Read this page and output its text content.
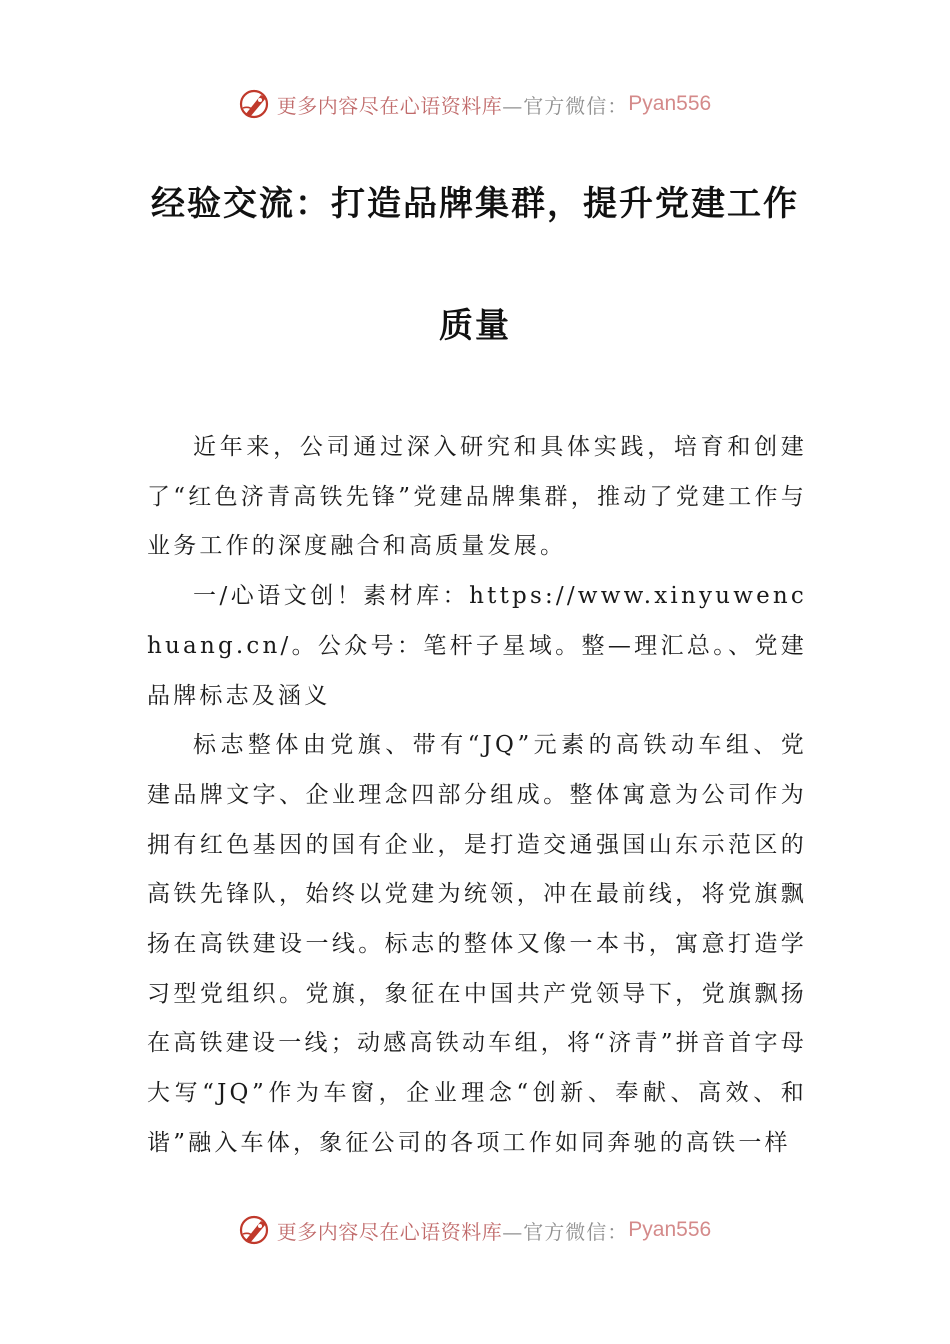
更多内容尽在心语资料库 —官方微信： Pyan556
经验交流：打造品牌集群，提升党建工作
质量

近年来，公司通过深入研究和具体实践，培育和创建了“红色济青高铁先锋”党建品牌集群，推动了党建工作与业务工作的深度融合和高质量发展。

一/心语文创！素材库：https://www.xinyuwenchuang.cn/。公众号：笔杆子星域。整—理汇总。、党建品牌标志及涵义

标志整体由党旗、带有“JQ”元素的高铁动车组、党建品牌文字、企业理念四部分组成。整体寓意为公司作为拥有红色基因的国有企业，是打造交通强国山东示范区的高铁先锋队，始终以党建为统领，冲在最前线，将党旗飘扬在高铁建设一线。标志的整体又像一本书，寓意打造学习型党组织。党旗，象征在中国共产党领导下，党旗飘扬在高铁建设一线；动感高铁动车组，将“济青”拼音首字母大写“JQ”作为车窗，企业理念“创新、奉献、高效、和谐”融入车体，象征公司的各项工作如同奔驰的高铁一样

更多内容尽在心语资料库 —官方微信： Pyan556
